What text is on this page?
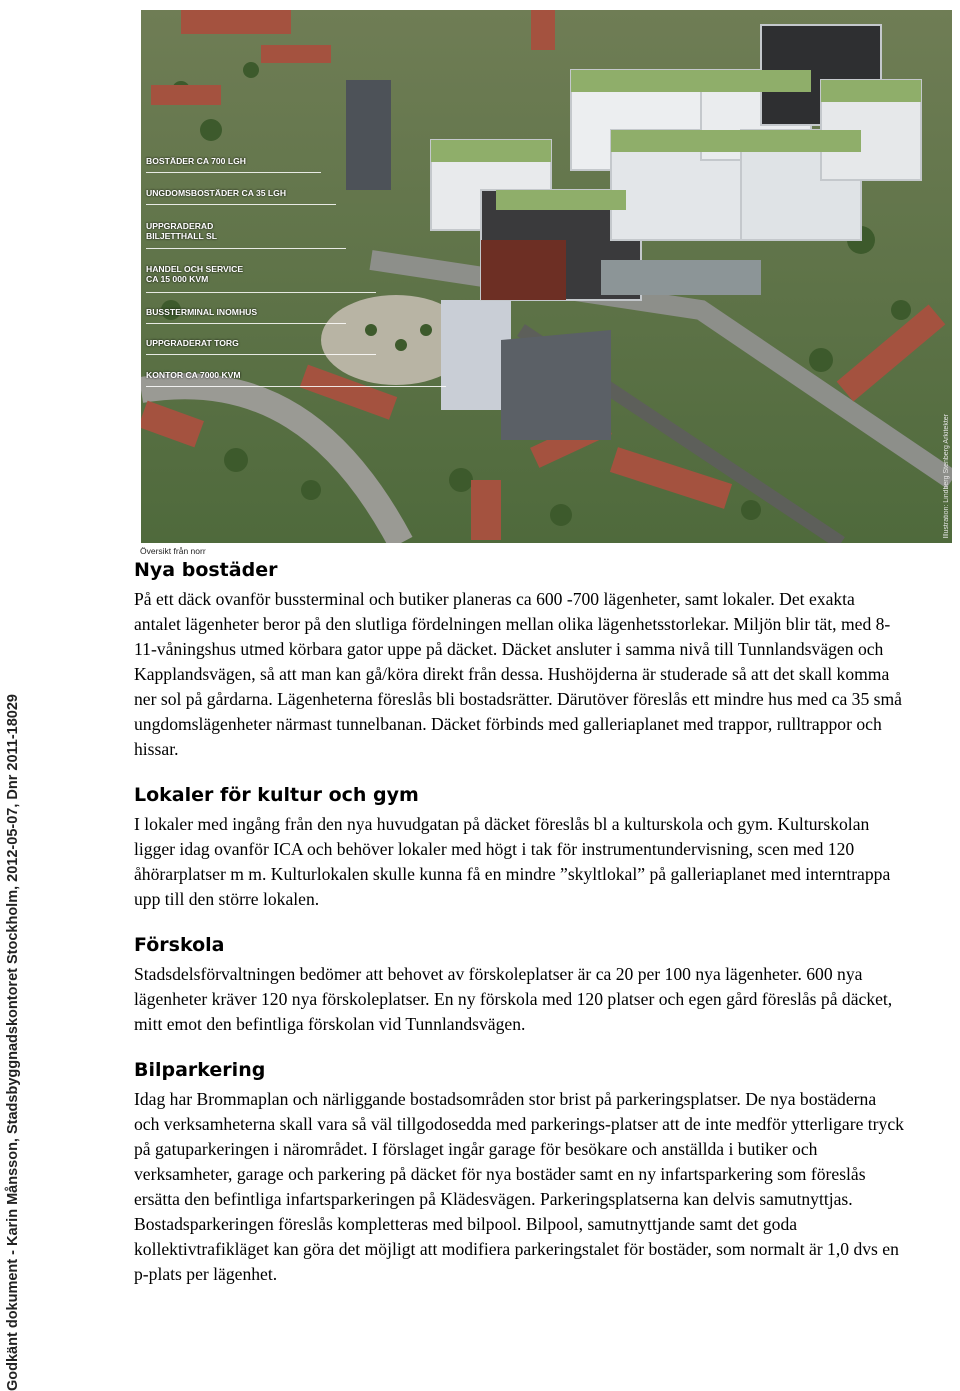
Godkänt dokument - Karin Månsson, Stadsbyggnadskontoret Stockholm, 2012-05-07, Dnr 2011-18029
BOSTÄDER CA 700 LGH
UNGDOMSBOSTÄDER CA 35 LGH
UPPGRADERAD
BILJETTHALL SL
HANDEL OCH SERVICE
CA 15 000 KVM
BUSSTERMINAL INOMHUS
UPPGRADERAT TORG
KONTOR CA 7000 KVM
Illustration: Lindberg Stenberg Arkitekter
Översikt från norr
Nya bostäder

På ett däck ovanför bussterminal och butiker planeras ca 600 -700 lägenheter, samt lokaler. Det exakta antalet lägenheter beror på den slutliga fördelningen mellan olika lägenhetsstorlekar. Miljön blir tät, med 8-11-våningshus utmed körbara gator uppe på däcket. Däcket ansluter i samma nivå till Tunnlandsvägen och Kapplandsvägen, så att man kan gå/köra direkt från dessa. Hushöjderna är studerade så att det skall komma ner sol på gårdarna. Lägenheterna föreslås bli bostadsrätter. Därutöver föreslås ett mindre hus med ca 35 små ungdomslägenheter närmast tunnelbanan. Däcket förbinds med galleriaplanet med trappor, rulltrappor och hissar.

Lokaler för kultur och gym

I lokaler med ingång från den nya huvudgatan på däcket föreslås bl a kulturskola och gym. Kulturskolan ligger idag ovanför ICA och behöver lokaler med högt i tak för instrumentundervisning, scen med 120 åhörarplatser m m. Kulturlokalen skulle kunna få en mindre ”skyltlokal” på galleriaplanet med interntrappa upp till den större lokalen.

Förskola

Stadsdelsförvaltningen bedömer att behovet av förskoleplatser är ca 20 per 100 nya lägenheter. 600 nya lägenheter kräver 120 nya förskoleplatser. En ny förskola med 120 platser och egen gård föreslås på däcket, mitt emot den befintliga förskolan vid Tunnlandsvägen.

Bilparkering

Idag har Brommaplan och närliggande bostadsområden stor brist på parkeringsplatser. De nya bostäderna och verksamheterna skall vara så väl tillgodosedda med parkerings-platser att de inte medför ytterligare tryck på gatuparkeringen i närområdet. I förslaget ingår garage för besökare och anställda i butiker och verksamheter, garage och parkering på däcket för nya bostäder samt en ny infartsparkering som föreslås ersätta den befintliga infartsparkeringen på Klädesvägen. Parkeringsplatserna kan delvis samutnyttjas. Bostadsparkeringen föreslås kompletteras med bilpool. Bilpool, samutnyttjande samt det goda kollektivtrafikläget kan göra det möjligt att modifiera parkeringstalet för bostäder, som normalt är 1,0 dvs en p-plats per lägenhet.
